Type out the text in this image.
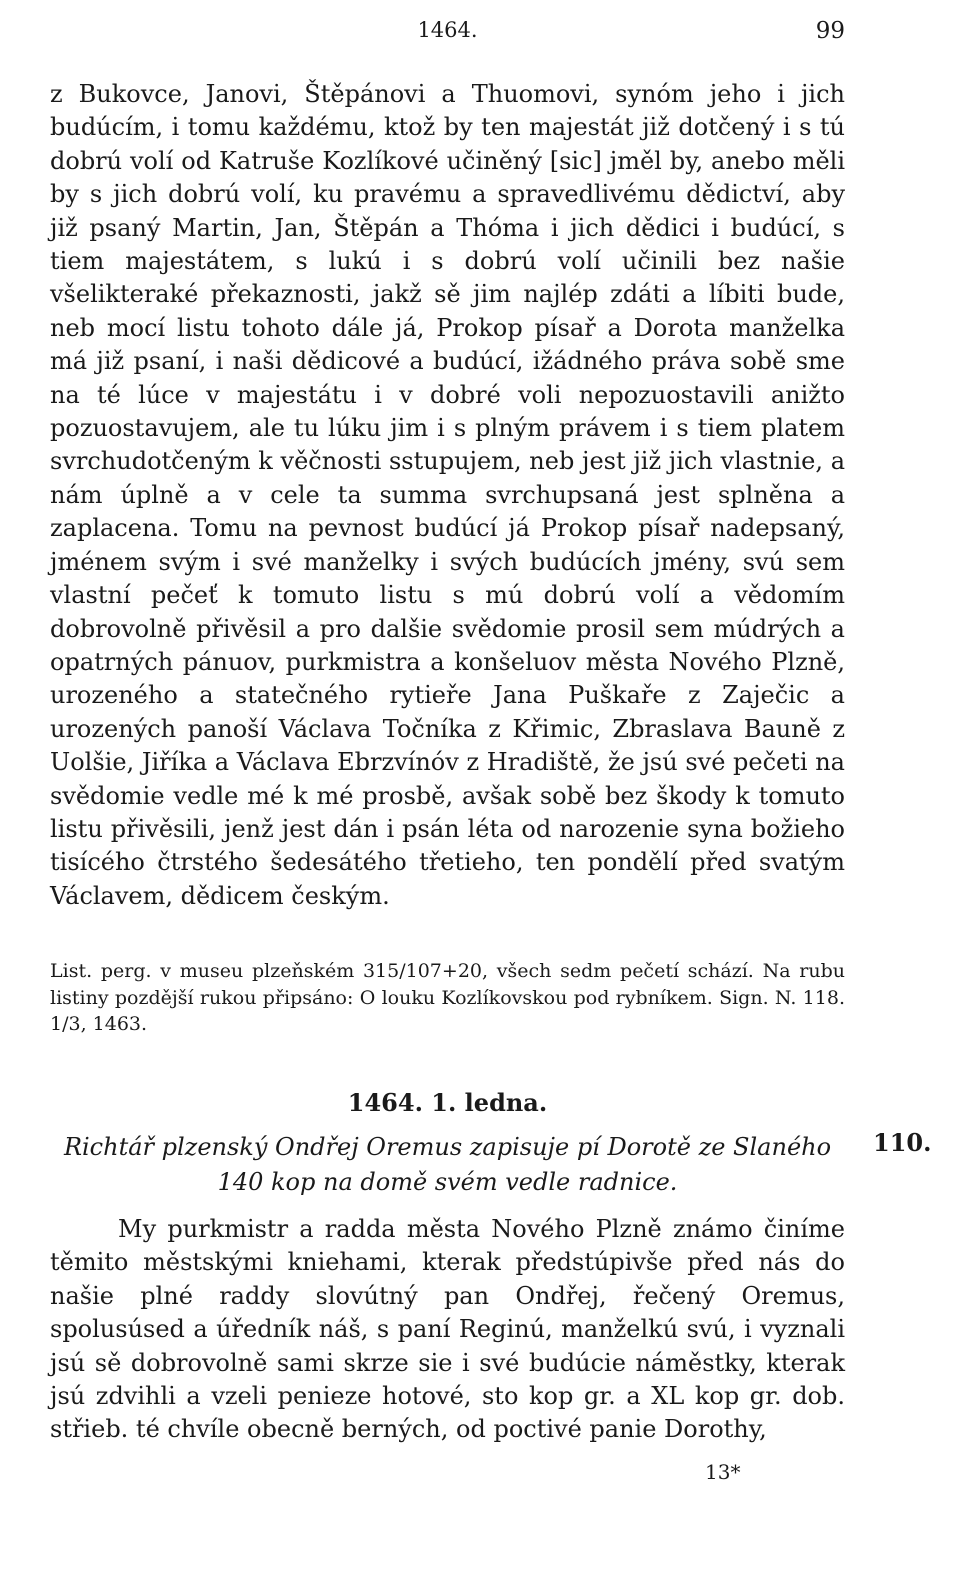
1464.	99

z Bukovce, Janovi, Štěpánovi a Thuomovi, synóm jeho i jich budúcím, i tomu každému, ktož by ten majestát již dotčený i s tú dobrú volí od Katruše Kozlíkové učiněný [sic] jměl by, anebo měli by s jich dobrú volí, ku pravému a spravedlivému dědictví, aby již psaný Martin, Jan, Štěpán a Thóma i jich dědici i budúcí, s tiem majestátem, s lukú i s dobrú volí učinili bez našie všelikteraké překaznosti, jakž sě jim najlép zdáti a líbiti bude, neb mocí listu tohoto dále já, Prokop písař a Dorota manželka má již psaní, i naši dědicové a budúcí, ižádného práva sobě sme na té lúce v majestátu i v dobré voli nepozuostavili anižto pozuostavujem, ale tu lúku jim i s plným právem i s tiem platem svrchudotčeným k věčnosti sstupujem, neb jest již jich vlastnie, a nám úplně a v cele ta summa svrchupsaná jest splněna a zaplacena. Tomu na pevnost budúcí já Prokop písař nadepsaný, jménem svým i své manželky i svých budúcích jmény, svú sem vlastní pečeť k tomuto listu s mú dobrú volí a vědomím dobrovolně přivěsil a pro dalšie svědomie prosil sem múdrých a opatrných pánuov, purkmistra a konšeluov města Nového Plzně, urozeného a statečného rytieře Jana Puškaře z Zaječic a urozených panoší Václava Točníka z Křimic, Zbraslava Bauně z Uolšie, Jiříka a Václava Ebrzvínóv z Hradiště, že jsú své pečeti na svědomie vedle mé k mé prosbě, avšak sobě bez škody k tomuto listu přivěsili, jenž jest dán i psán léta od narozenie syna božieho tisícého čtrstého šedesátého třetieho, ten pondělí před svatým Václavem, dědicem českým.

List. perg. v museu plzeňském 315/107+20, všech sedm pečetí schází. Na rubu listiny pozdější rukou připsáno: O louku Kozlíkovskou pod rybníkem. Sign. N. 118. 1/3, 1463.

1464. 1. ledna.
Richtář plzenský Ondřej Oremus zapisuje pí Dorotě ze Slaného 140 kop na domě svém vedle radnice.
110.

My purkmistr a radda města Nového Plzně známo činíme těmito městskými kniehami, kterak předstúpivše před nás do našie plné raddy slovútný pan Ondřej, řečený Oremus, spolusúsed a úředník náš, s paní Reginú, manželkú svú, i vyznali jsú sě dobrovolně sami skrze sie i své budúcie náměstky, kterak jsú zdvihli a vzeli penieze hotové, sto kop gr. a XL kop gr. dob. střieb. té chvíle obecně berných, od poctivé panie Dorothy,

13*
